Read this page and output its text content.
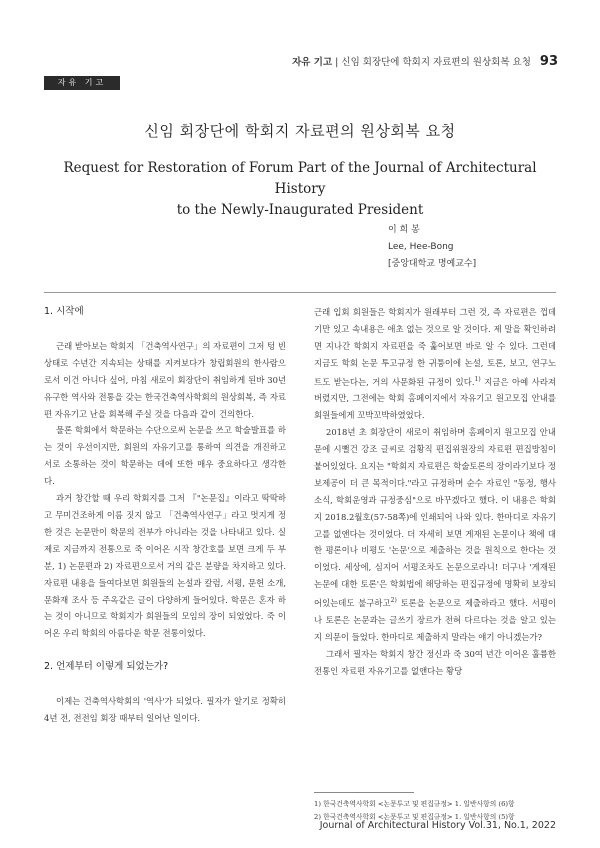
자유 기고 | 신임 회장단에 학회지 자료편의 원상회복 요청 93
자유 기고
신임 회장단에 학회지 자료편의 원상회복 요청
Request for Restoration of Forum Part of the Journal of Architectural History
to the Newly-Inaugurated President
이 희 봉
Lee, Hee-Bong
[중앙대학교 명예교수]
1. 시작에

근래 받아보는 학회지 「건축역사연구」의 자료편이 그저 텅 빈 상태로 수년간 지속되는 상태를 지켜보다가 창립회원의 한사람으로서 이건 아니다 싶어, 마침 새로이 회장단이 취임하게 된바 30년 유구한 역사와 전통을 갖는 한국건축역사학회의 원상회복, 즉 자료편 자유기고 난을 회복해 주실 것을 다음과 같이 건의한다.

물론 학회에서 학문하는 수단으로써 논문을 쓰고 학술발표를 하는 것이 우선이지만, 회원의 자유기고를 통하여 의견을 개진하고 서로 소통하는 것이 학문하는 데에 또한 매우 중요하다고 생각한다.

과거 창간할 때 우리 학회지를 그저 『"논문집』이라고 딱딱하고 무미건조하게 이름 짓지 않고 「건축역사연구」라고 멋지게 정한 것은 논문만이 학문의 전부가 아니라는 것을 나타내고 있다. 실제로 지금까지 전통으로 죽 이어온 시작 창간호를 보면 크게 두 부분, 1) 논문편과 2) 자료편으로서 거의 같은 분량을 차지하고 있다. 자료편 내용을 들여다보면 회원들의 논설과 칼럼, 서평, 문헌 소개, 문화재 조사 등 주옥같은 글이 다양하게 들어있다. 학문은 혼자 하는 것이 아니므로 학회지가 회원들의 모임의 장이 되었었다. 죽 이어온 우리 학회의 아름다운 학문 전통이었다.

2. 언제부터 이렇게 되었는가?

이제는 건축역사학회의 '역사'가 되었다. 필자가 알기로 정확히 4년 전, 전전임 회장 때부터 일어난 일이다.

근래 입회 회원들은 학회지가 원래부터 그런 것, 즉 자료편은 껍데기만 있고 속내용은 애초 없는 것으로 알 것이다. 제 말을 확인하려면 지나간 학회지 자료편을 죽 훑어보면 바로 알 수 있다. 그런데 지금도 학회 논문 투고규정 한 귀퉁이에 논설, 토론, 보고, 연구노트도 받는다는, 거의 사문화된 규정이 있다.$^{1)}$ 지금은 아예 사라져 버렸지만, 그전에는 학회 홈페이지에서 자유기고 원고모집 안내를 회원들에게 꼬박꼬박하였었다.

2018년 초 회장단이 새로이 취임하며 홈페이지 원고모집 안내문에 시뻘건 강조 글씨로 검황직 편집위원장의 자료편 편집방침이 붙어있었다. 요지는 "학회지 자료편은 학술토론의 장이라기보다 정보제공이 더 큰 목적이다."라고 규정하며 순수 자료인 "동정, 행사소식, 학회운영과 규정중심"으로 바꾸겠다고 했다. 이 내용은 학회지 2018.2월호(57-58쪽)에 인쇄되어 나와 있다. 한마디로 자유기고를 없앤다는 것이었다. 더 자세히 보면 게재된 논문이나 책에 대한 평론이나 비평도 '논문'으로 제출하는 것을 원칙으로 한다는 것이었다. 세상에, 심지어 서평조차도 논문으로라니! 더구나 '게재된 논문에 대한 토론'은 학회법에 해당하는 편집규정에 명확히 보장되어있는데도 불구하고$^{2)}$ 토론을 논문으로 제출하라고 했다. 서평이나 토론은 논문과는 글쓰기 장르가 전혀 다르다는 것을 알고 있는지 의문이 들었다. 한마디로 제출하지 말라는 얘기 아니겠는가?

그래서 필자는 학회지 창간 정신과 죽 30여 년간 이어온 훌륭한 전통인 자료편 자유기고를 없앤다는 황당

1) 한국건축역사학회 <논문투고 및 편집규정> 1. 일반사항의 (6)항
2) 한국건축역사학회 <논문투고 및 편집규정> 1. 일반사항의 (5)항
Journal of Architectural History Vol.31, No.1, 2022
